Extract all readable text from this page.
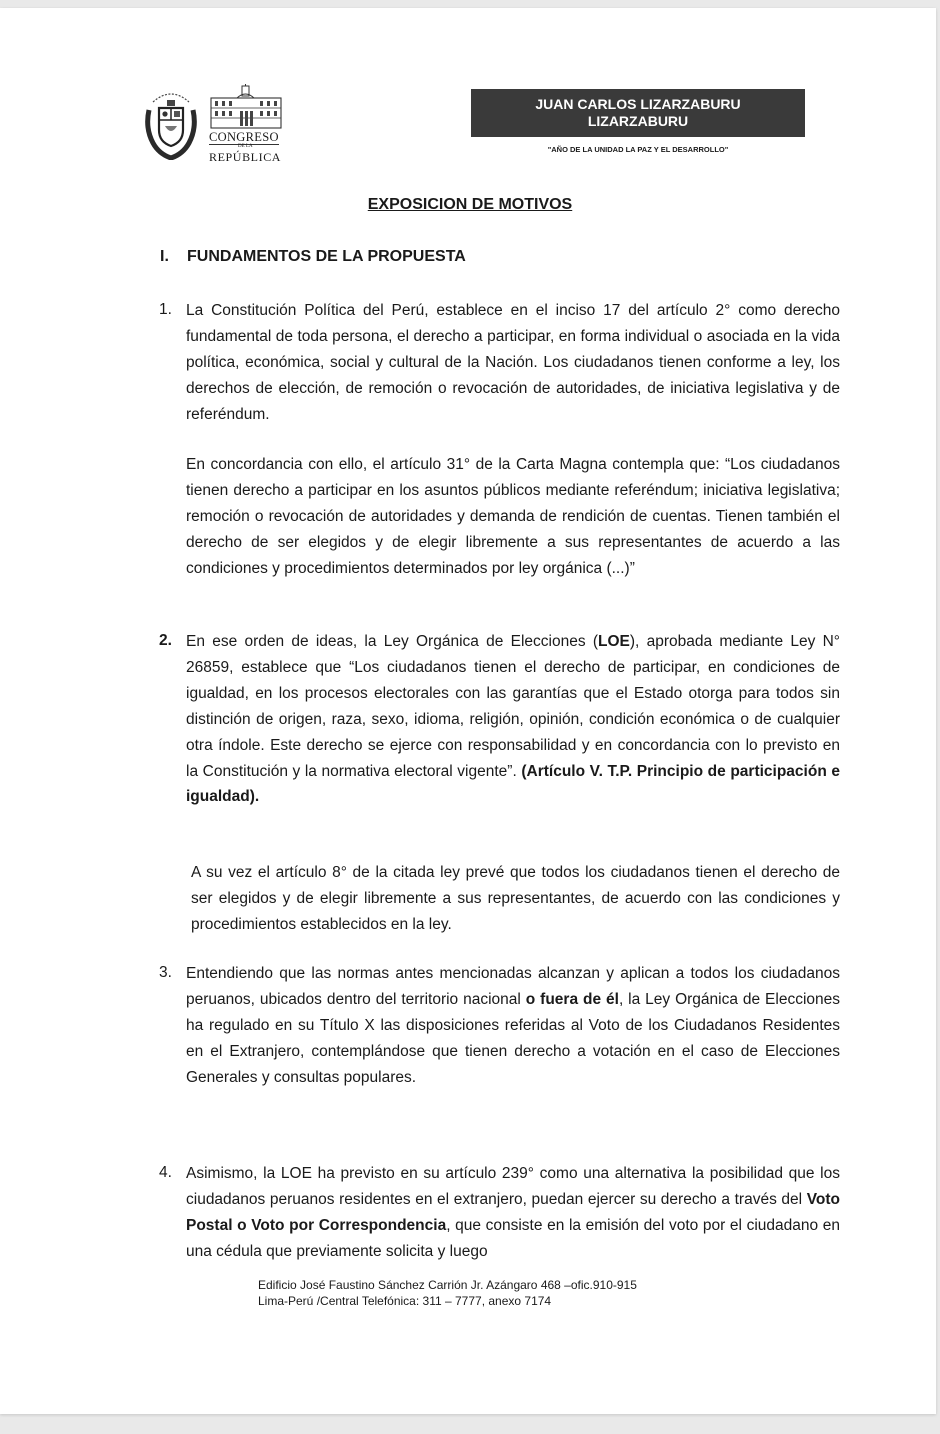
CONGRESO
DE LA
REPÚBLICA
JUAN CARLOS LIZARZABURU
LIZARZABURU
"AÑO DE LA UNIDAD LA PAZ Y EL DESARROLLO"
EXPOSICION DE MOTIVOS
I. FUNDAMENTOS DE LA PROPUESTA
1. La Constitución Política del Perú, establece en el inciso 17 del artículo 2° como derecho fundamental de toda persona, el derecho a participar, en forma individual o asociada en la vida política, económica, social y cultural de la Nación. Los ciudadanos tienen conforme a ley, los derechos de elección, de remoción o revocación de autoridades, de iniciativa legislativa y de referéndum.

En concordancia con ello, el artículo 31° de la Carta Magna contempla que: “Los ciudadanos tienen derecho a participar en los asuntos públicos mediante referéndum; iniciativa legislativa; remoción o revocación de autoridades y demanda de rendición de cuentas. Tienen también el derecho de ser elegidos y de elegir libremente a sus representantes de acuerdo a las condiciones y procedimientos determinados por ley orgánica (...)”

2. En ese orden de ideas, la Ley Orgánica de Elecciones (LOE), aprobada mediante Ley N° 26859, establece que “Los ciudadanos tienen el derecho de participar, en condiciones de igualdad, en los procesos electorales con las garantías que el Estado otorga para todos sin distinción de origen, raza, sexo, idioma, religión, opinión, condición económica o de cualquier otra índole. Este derecho se ejerce con responsabilidad y en concordancia con lo previsto en la Constitución y la normativa electoral vigente”. (Artículo V. T.P. Principio de participación e igualdad).

A su vez el artículo 8° de la citada ley prevé que todos los ciudadanos tienen el derecho de ser elegidos y de elegir libremente a sus representantes, de acuerdo con las condiciones y procedimientos establecidos en la ley.

3. Entendiendo que las normas antes mencionadas alcanzan y aplican a todos los ciudadanos peruanos, ubicados dentro del territorio nacional o fuera de él, la Ley Orgánica de Elecciones ha regulado en su Título X las disposiciones referidas al Voto de los Ciudadanos Residentes en el Extranjero, contemplándose que tienen derecho a votación en el caso de Elecciones Generales y consultas populares.

4. Asimismo, la LOE ha previsto en su artículo 239° como una alternativa la posibilidad que los ciudadanos peruanos residentes en el extranjero, puedan ejercer su derecho a través del Voto Postal o Voto por Correspondencia, que consiste en la emisión del voto por el ciudadano en una cédula que previamente solicita y luego

Edificio José Faustino Sánchez Carrión Jr. Azángaro 468 –ofic.910-915
Lima-Perú /Central Telefónica: 311 – 7777, anexo 7174
